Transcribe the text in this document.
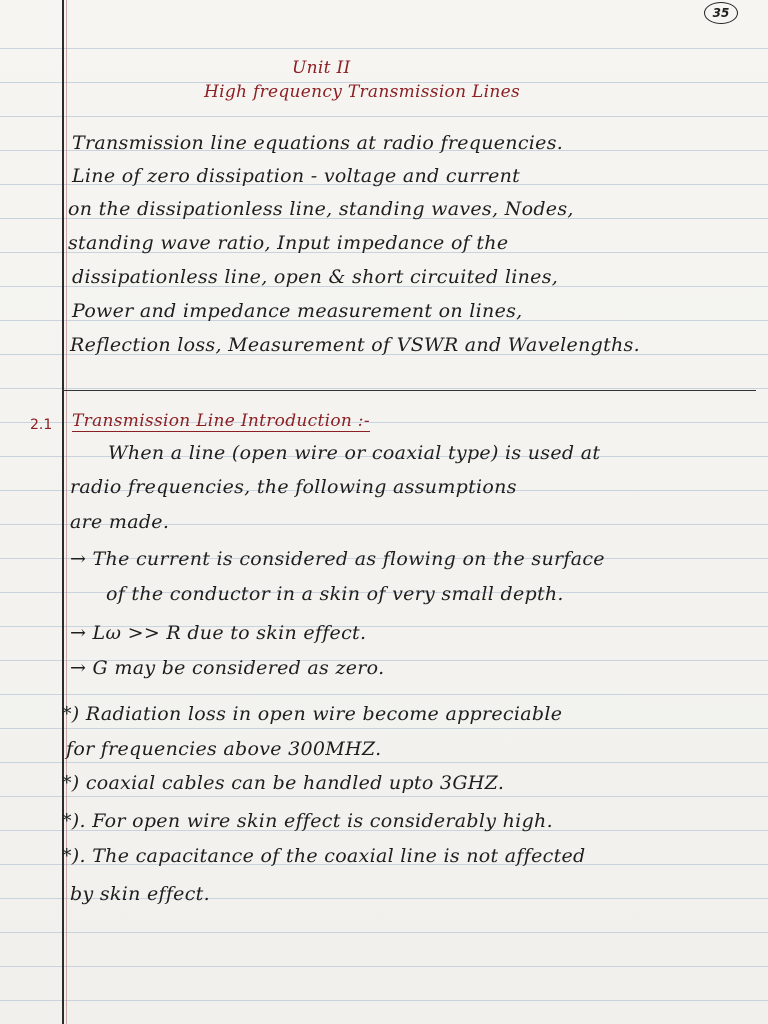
35
Unit II
High frequency Transmission Lines
Transmission line equations at radio frequencies.
Line of zero dissipation - voltage and current
on the dissipationless line, standing waves, Nodes,
standing wave ratio, Input impedance of the
dissipationless line, open & short circuited lines,
Power and impedance measurement on lines,
Reflection loss, Measurement of VSWR and Wavelengths.
2.1 Transmission Line Introduction :-
When a line (open wire or coaxial type) is used at
radio frequencies, the following assumptions
are made.
→ The current is considered as flowing on the surface
of the conductor in a skin of very small depth.
→ Lω >> R due to skin effect.
→ G may be considered as zero.
*) Radiation loss in open wire become appreciable
for frequencies above 300MHZ.
*) coaxial cables can be handled upto 3GHZ.
*). For open wire skin effect is considerably high.
*). The capacitance of the coaxial line is not affected
by skin effect.
